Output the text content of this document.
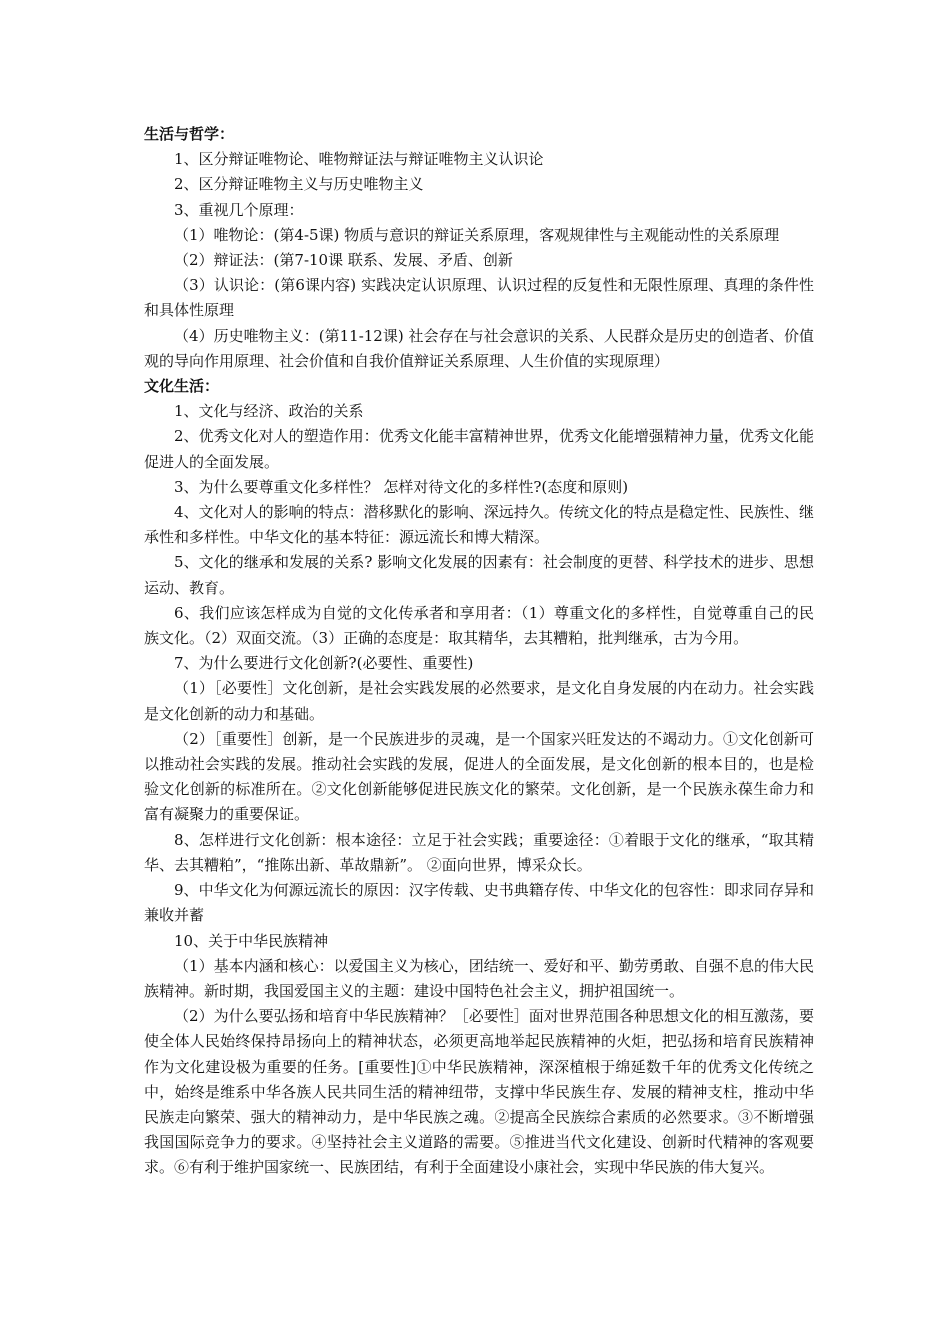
生活与哲学：
1、区分辩证唯物论、唯物辩证法与辩证唯物主义认识论
2、区分辩证唯物主义与历史唯物主义
3、重视几个原理：
（1）唯物论：(第4-5课) 物质与意识的辩证关系原理，客观规律性与主观能动性的关系原理
（2）辩证法：(第7-10课 联系、发展、矛盾、创新
（3）认识论：(第6课内容) 实践决定认识原理、认识过程的反复性和无限性原理、真理的条件性和具体性原理
（4）历史唯物主义：(第11-12课) 社会存在与社会意识的关系、人民群众是历史的创造者、价值观的导向作用原理、社会价值和自我价值辩证关系原理、人生价值的实现原理）
文化生活：
1、文化与经济、政治的关系
2、优秀文化对人的塑造作用：优秀文化能丰富精神世界，优秀文化能增强精神力量，优秀文化能促进人的全面发展。
3、为什么要尊重文化多样性？ 怎样对待文化的多样性?(态度和原则)
4、文化对人的影响的特点：潜移默化的影响、深远持久。传统文化的特点是稳定性、民族性、继承性和多样性。中华文化的基本特征：源远流长和博大精深。
5、文化的继承和发展的关系? 影响文化发展的因素有：社会制度的更替、科学技术的进步、思想运动、教育。
6、我们应该怎样成为自觉的文化传承者和享用者：（1）尊重文化的多样性，自觉尊重自己的民族文化。（2）双面交流。（3）正确的态度是：取其精华，去其糟粕，批判继承，古为今用。
7、为什么要进行文化创新?(必要性、重要性)
（1）［必要性］文化创新，是社会实践发展的必然要求，是文化自身发展的内在动力。社会实践是文化创新的动力和基础。
（2）［重要性］创新，是一个民族进步的灵魂，是一个国家兴旺发达的不竭动力。①文化创新可以推动社会实践的发展。推动社会实践的发展，促进人的全面发展，是文化创新的根本目的，也是检验文化创新的标准所在。②文化创新能够促进民族文化的繁荣。文化创新，是一个民族永葆生命力和富有凝聚力的重要保证。
8、怎样进行文化创新：根本途径：立足于社会实践；重要途径：①着眼于文化的继承，“取其精华、去其糟粕”，“推陈出新、革故鼎新”。 ②面向世界，博采众长。
9、中华文化为何源远流长的原因：汉字传载、史书典籍存传、中华文化的包容性：即求同存异和兼收并蓄
10、关于中华民族精神
（1）基本内涵和核心：以爱国主义为核心，团结统一、爱好和平、勤劳勇敢、自强不息的伟大民族精神。新时期，我国爱国主义的主题：建设中国特色社会主义，拥护祖国统一。
（2）为什么要弘扬和培育中华民族精神？［必要性］面对世界范围各种思想文化的相互激荡，要使全体人民始终保持昂扬向上的精神状态，必须更高地举起民族精神的火炬，把弘扬和培育民族精神作为文化建设极为重要的任务。[重要性]①中华民族精神，深深植根于绵延数千年的优秀文化传统之中，始终是维系中华各族人民共同生活的精神纽带，支撑中华民族生存、发展的精神支柱，推动中华民族走向繁荣、强大的精神动力，是中华民族之魂。②提高全民族综合素质的必然要求。③不断增强我国国际竞争力的要求。④坚持社会主义道路的需要。⑤推进当代文化建设、创新时代精神的客观要求。⑥有利于维护国家统一、民族团结，有利于全面建设小康社会，实现中华民族的伟大复兴。
